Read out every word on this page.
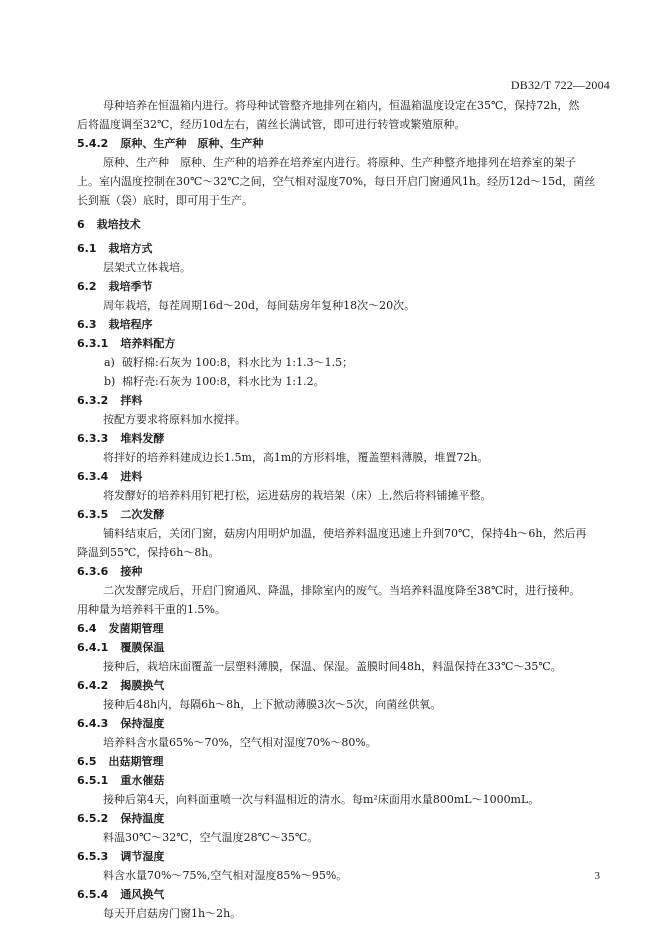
DB32/T 722—2004
母种培养在恒温箱内进行。将母种试管整齐地排列在箱内，恒温箱温度设定在35℃，保持72h，然
后将温度调至32℃，经历10d左右，菌丝长满试管，即可进行转管或繁殖原种。
5.4.2 原种、生产种　原种、生产种
原种、生产种　原种、生产种的培养在培养室内进行。将原种、生产种整齐地排列在培养室的架子
上。室内温度控制在30℃～32℃之间，空气相对湿度70%，每日开启门窗通风1h。经历12d～15d，菌丝
长到瓶（袋）底时，即可用于生产。
6 栽培技术
6.1 栽培方式
层架式立体栽培。
6.2 栽培季节
周年栽培，每茬周期16d～20d，每间菇房年复种18次～20次。
6.3 栽培程序
6.3.1 培养料配方
a) 破籽棉:石灰为 100:8，料水比为 1:1.3～1.5；
b) 棉籽壳:石灰为 100:8，料水比为 1:1.2。
6.3.2 拌料
按配方要求将原料加水搅拌。
6.3.3 堆料发酵
将拌好的培养料建成边长1.5m，高1m的方形料堆，覆盖塑料薄膜，堆置72h。
6.3.4 进料
将发酵好的培养料用钉耙打松，运进菇房的栽培架（床）上,然后将料铺摊平整。
6.3.5 二次发酵
铺料结束后，关闭门窗，菇房内用明炉加温，使培养料温度迅速上升到70℃，保持4h～6h，然后再
降温到55℃，保持6h～8h。
6.3.6 接种
二次发酵完成后，开启门窗通风、降温，排除室内的废气。当培养料温度降至38℃时，进行接种。
用种量为培养料干重的1.5%。
6.4 发菌期管理
6.4.1 覆膜保温
接种后，栽培床面覆盖一层塑料薄膜，保温、保湿。盖膜时间48h，料温保持在33℃～35℃。
6.4.2 揭膜换气
接种后48h内，每隔6h～8h，上下掀动薄膜3次～5次，向菌丝供氧。
6.4.3 保持湿度
培养料含水量65%～70%，空气相对湿度70%～80%。
6.5 出菇期管理
6.5.1 重水催菇
接种后第4天，向料面重喷一次与料温相近的清水。每m²床面用水量800mL～1000mL。
6.5.2 保持温度
料温30℃～32℃，空气温度28℃～35℃。
6.5.3 调节湿度
料含水量70%～75%,空气相对湿度85%～95%。
6.5.4 通风换气
每天开启菇房门窗1h～2h。
3
